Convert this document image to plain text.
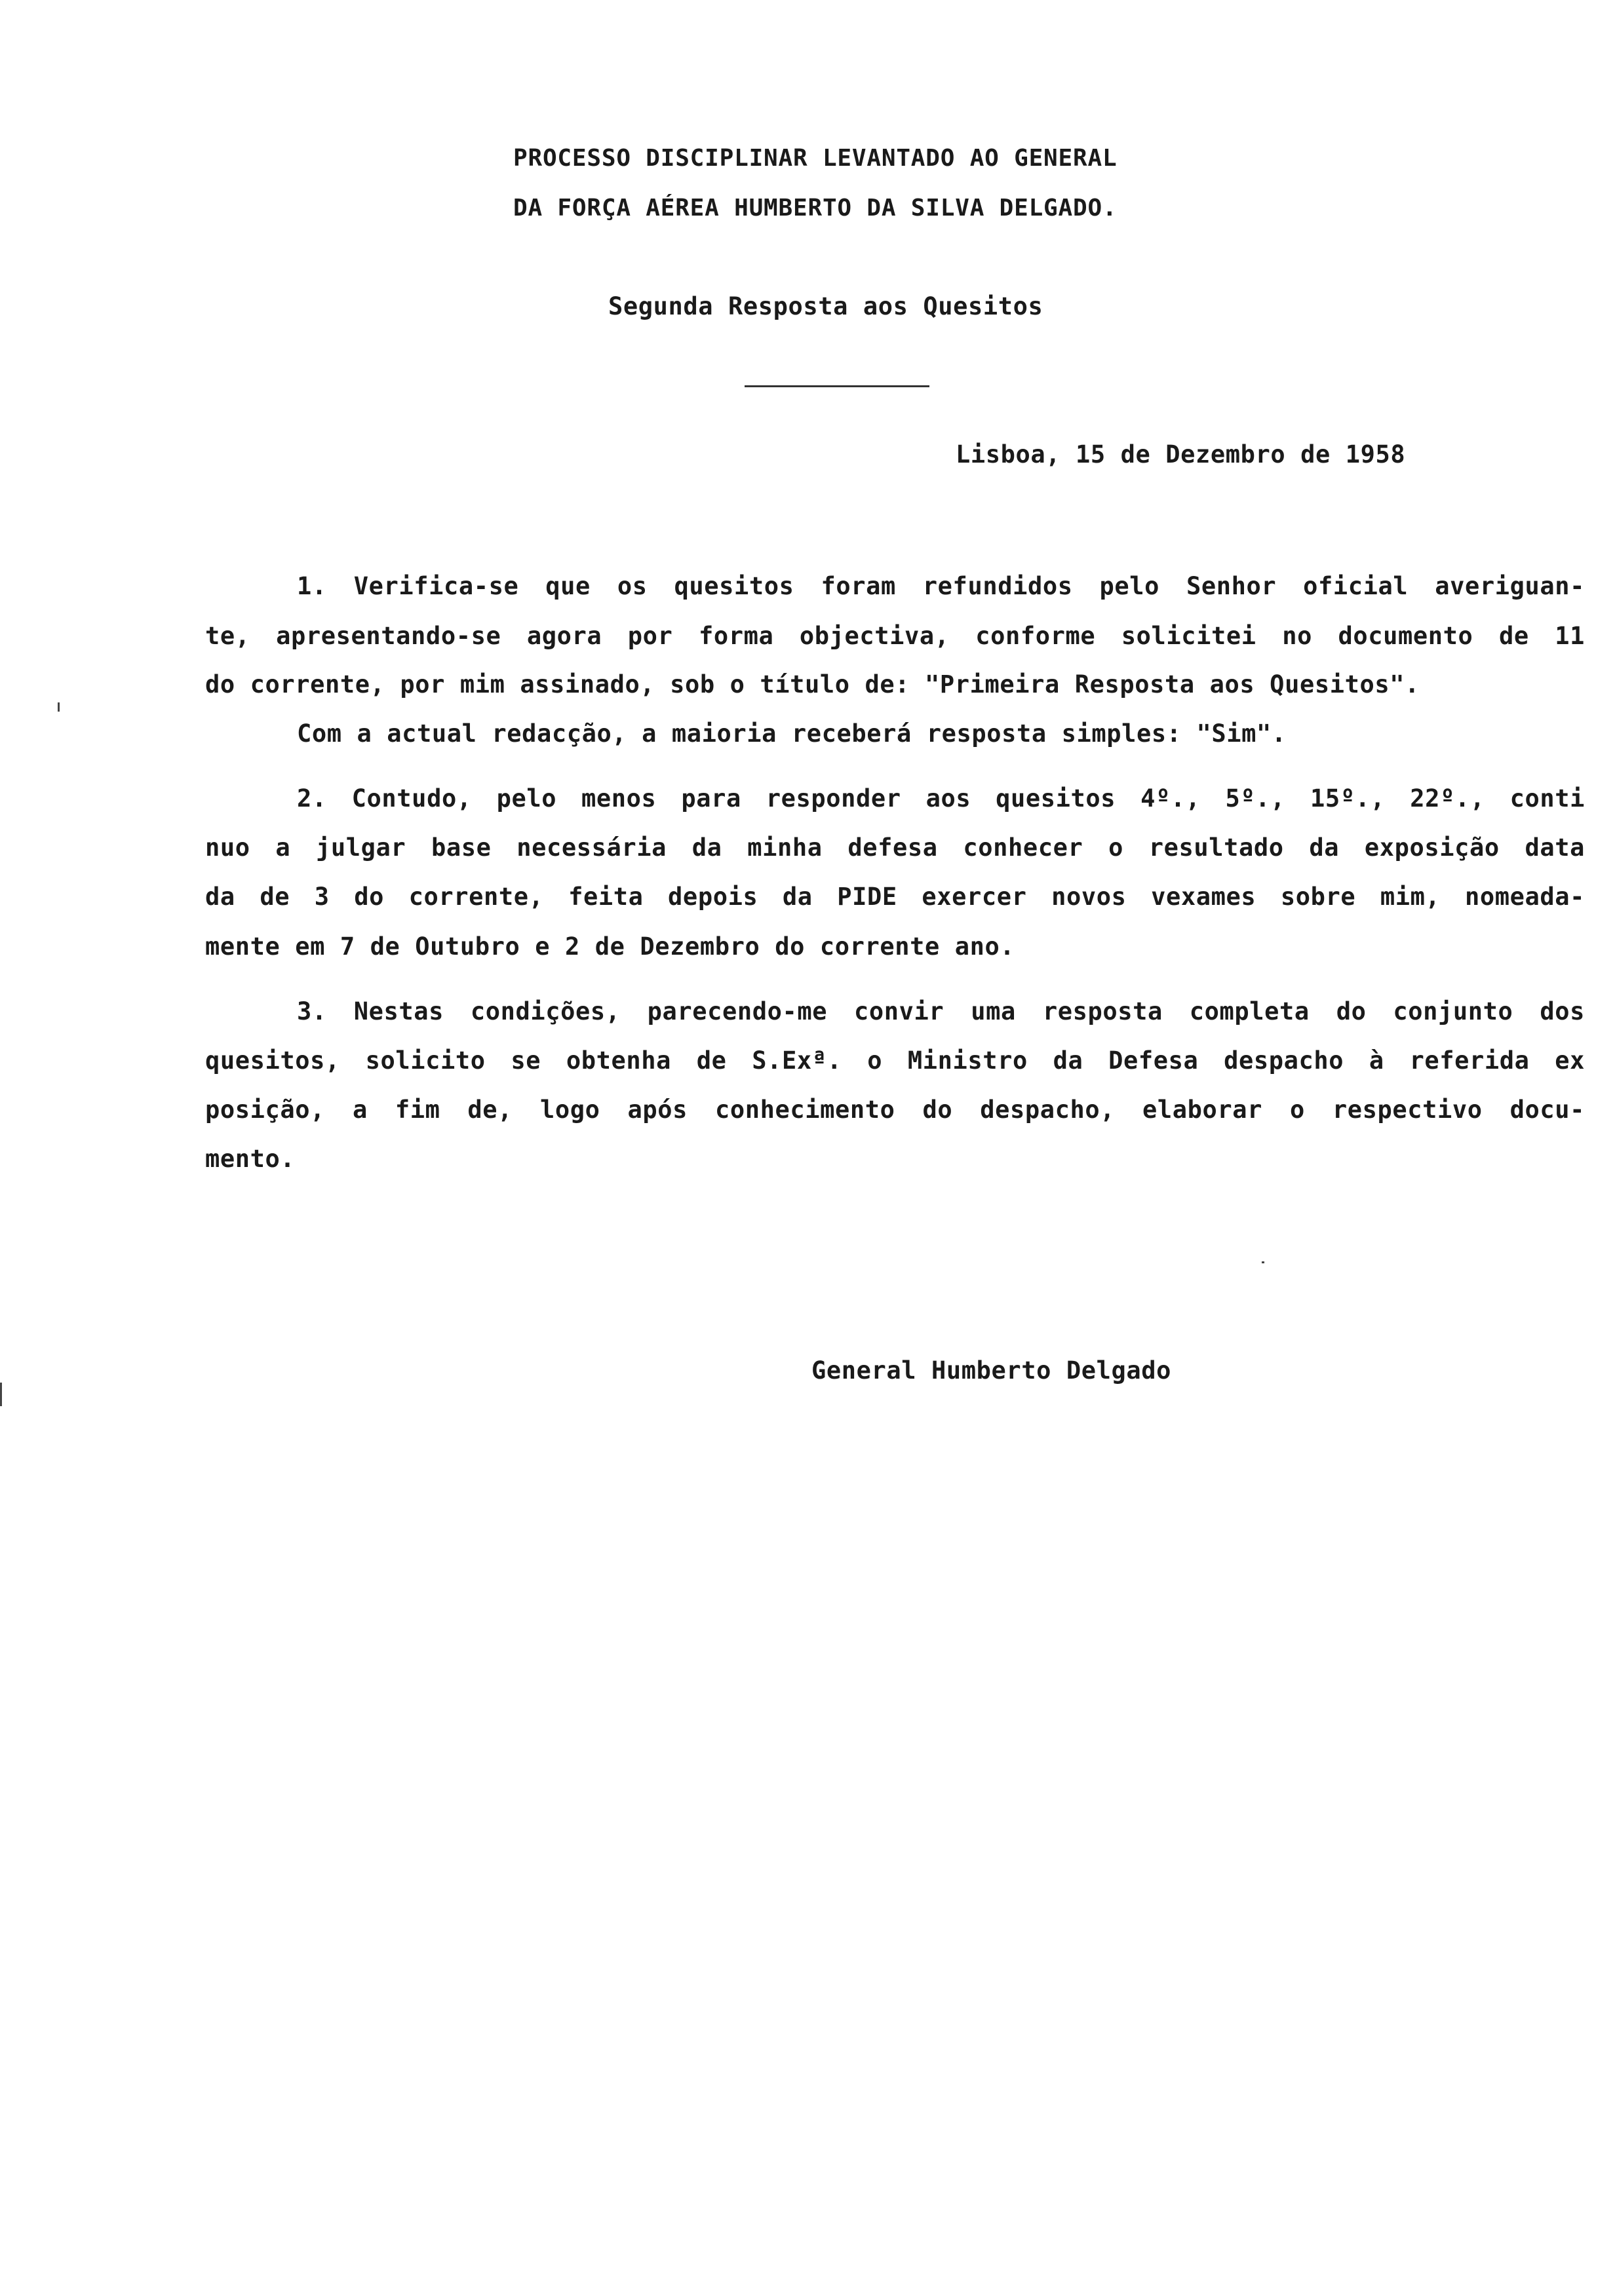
PROCESSO DISCIPLINAR LEVANTADO AO GENERAL
DA FORÇA AÉREA HUMBERTO DA SILVA DELGADO.
Segunda Resposta aos Quesitos
Lisboa, 15 de Dezembro de 1958
1. Verifica-se que os quesitos foram refundidos pelo Senhor oficial averiguan-
te, apresentando-se agora por forma objectiva, conforme solicitei no documento de 11
do corrente, por mim assinado, sob o título de: "Primeira Resposta aos Quesitos".
Com a actual redacção, a maioria receberá resposta simples: "Sim".
2. Contudo, pelo menos para responder aos quesitos 4º., 5º., 15º., 22º., conti
nuo a julgar base necessária da minha defesa conhecer o resultado da exposição data
da de 3 do corrente, feita depois da PIDE exercer novos vexames sobre mim, nomeada-
mente em 7 de Outubro e 2 de Dezembro do corrente ano.
3. Nestas condições, parecendo-me convir uma resposta completa do conjunto dos
quesitos, solicito se obtenha de S.Exª. o Ministro da Defesa despacho à referida ex
posição, a fim de, logo após conhecimento do despacho, elaborar o respectivo docu-
mento.
General Humberto Delgado
